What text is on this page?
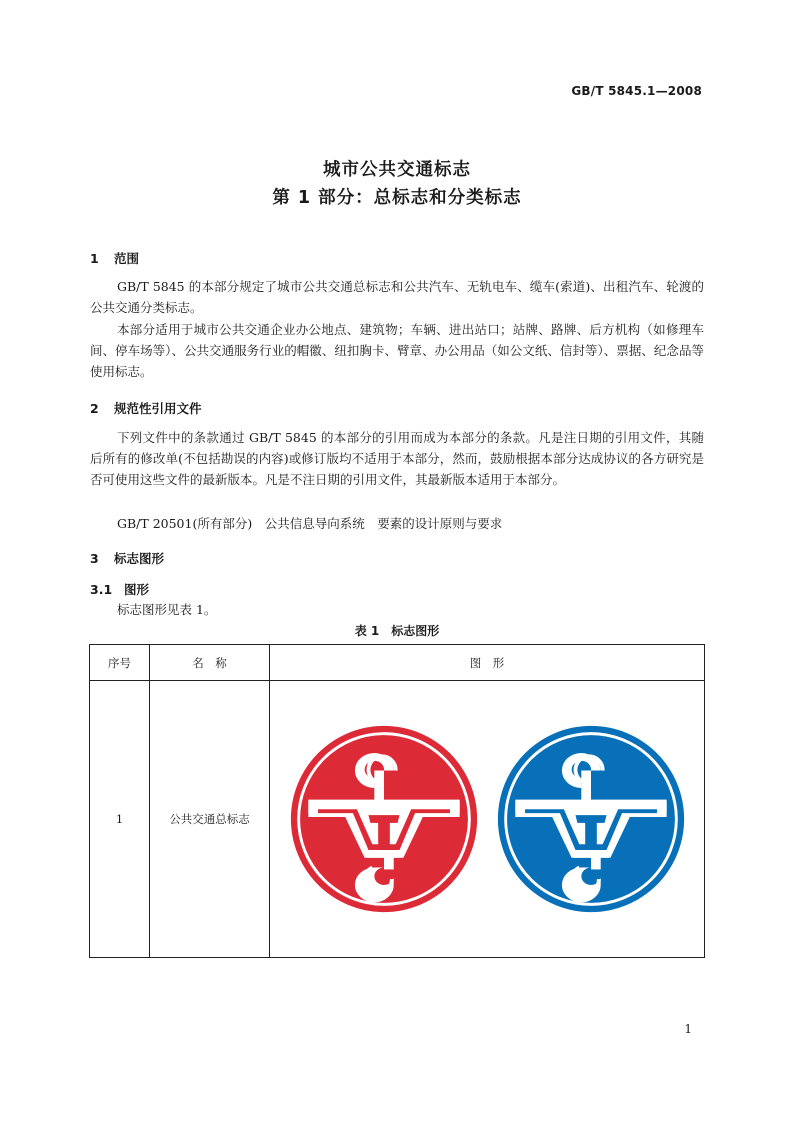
GB/T 5845.1—2008
城市公共交通标志
第 1 部分：总标志和分类标志
1 范围
GB/T 5845 的本部分规定了城市公共交通总标志和公共汽车、无轨电车、缆车(索道)、出租汽车、轮渡的公共交通分类标志。
本部分适用于城市公共交通企业办公地点、建筑物；车辆、进出站口；站牌、路牌、后方机构（如修理车间、停车场等）、公共交通服务行业的帽徽、纽扣胸卡、臂章、办公用品（如公文纸、信封等）、票据、纪念品等使用标志。
2 规范性引用文件
下列文件中的条款通过 GB/T 5845 的本部分的引用而成为本部分的条款。凡是注日期的引用文件，其随后所有的修改单(不包括勘误的内容)或修订版均不适用于本部分，然而，鼓励根据本部分达成协议的各方研究是否可使用这些文件的最新版本。凡是不注日期的引用文件，其最新版本适用于本部分。
GB/T 20501(所有部分)　公共信息导向系统　要素的设计原则与要求
3 标志图形
3.1 图形
标志图形见表 1。
表 1　标志图形
序号	名　称	图　形
1	公共交通总标志	
1
